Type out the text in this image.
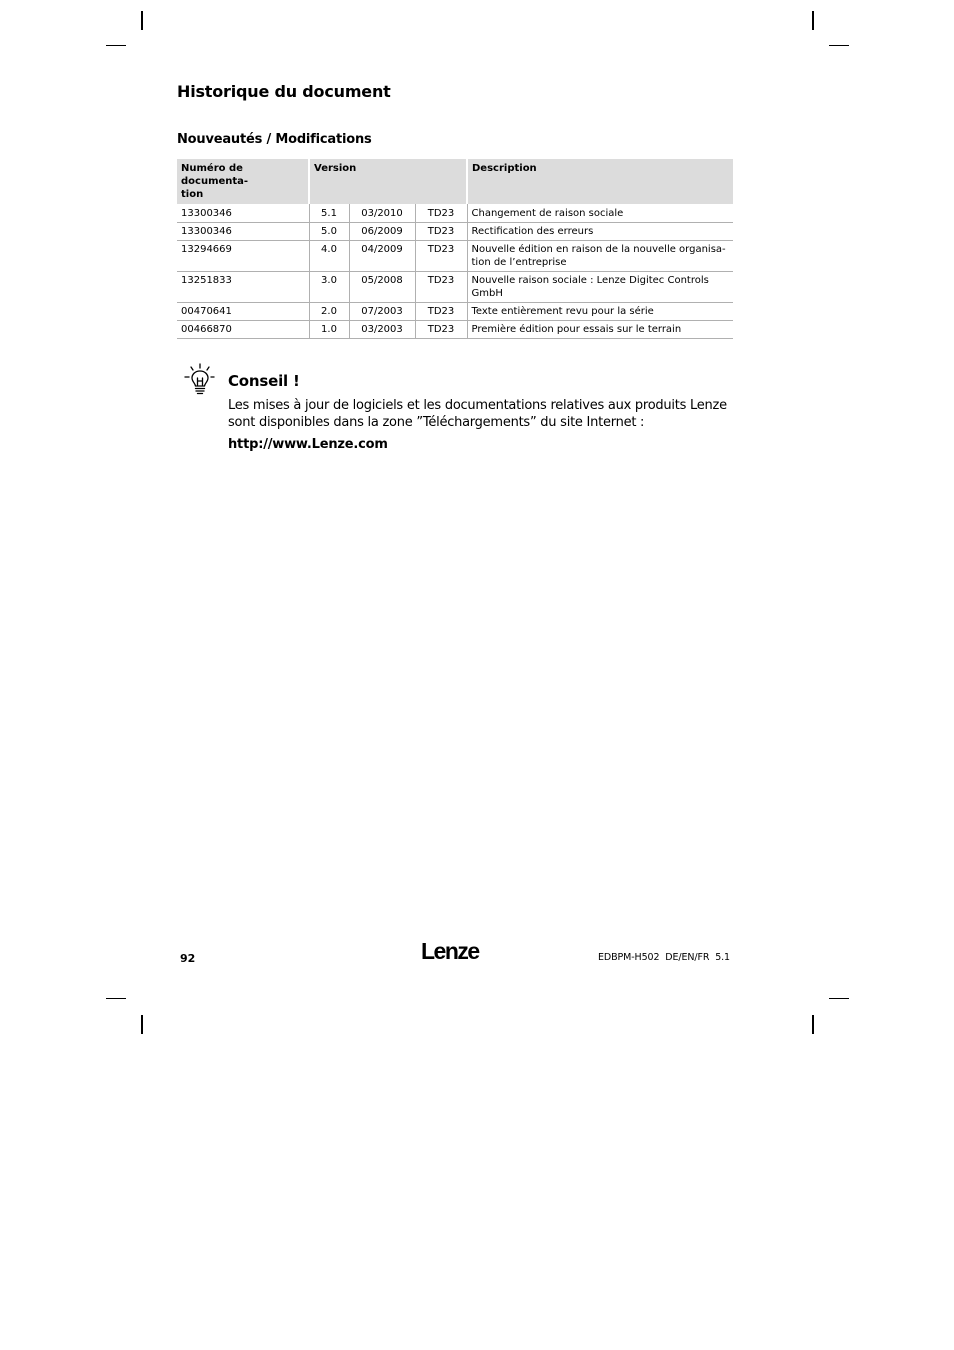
Historique du document
Nouveautés / Modifications
Numéro de documenta-
tion	Version			Description
13300346	5.1	03/2010	TD23	Changement de raison sociale
13300346	5.0	06/2009	TD23	Rectification des erreurs
13294669	4.0	04/2009	TD23	Nouvelle édition en raison de la nouvelle organisa-
tion de l’entreprise
13251833	3.0	05/2008	TD23	Nouvelle raison sociale : Lenze Digitec Controls
GmbH
00470641	2.0	07/2003	TD23	Texte entièrement revu pour la série
00466870	1.0	03/2003	TD23	Première édition pour essais sur le terrain
Conseil !

Les mises à jour de logiciels et les documentations relatives aux produits Lenze sont disponibles dans la zone ”Téléchargements” du site Internet :

http://www.Lenze.com

92	Lenze	EDBPM-H502  DE/EN/FR  5.1
